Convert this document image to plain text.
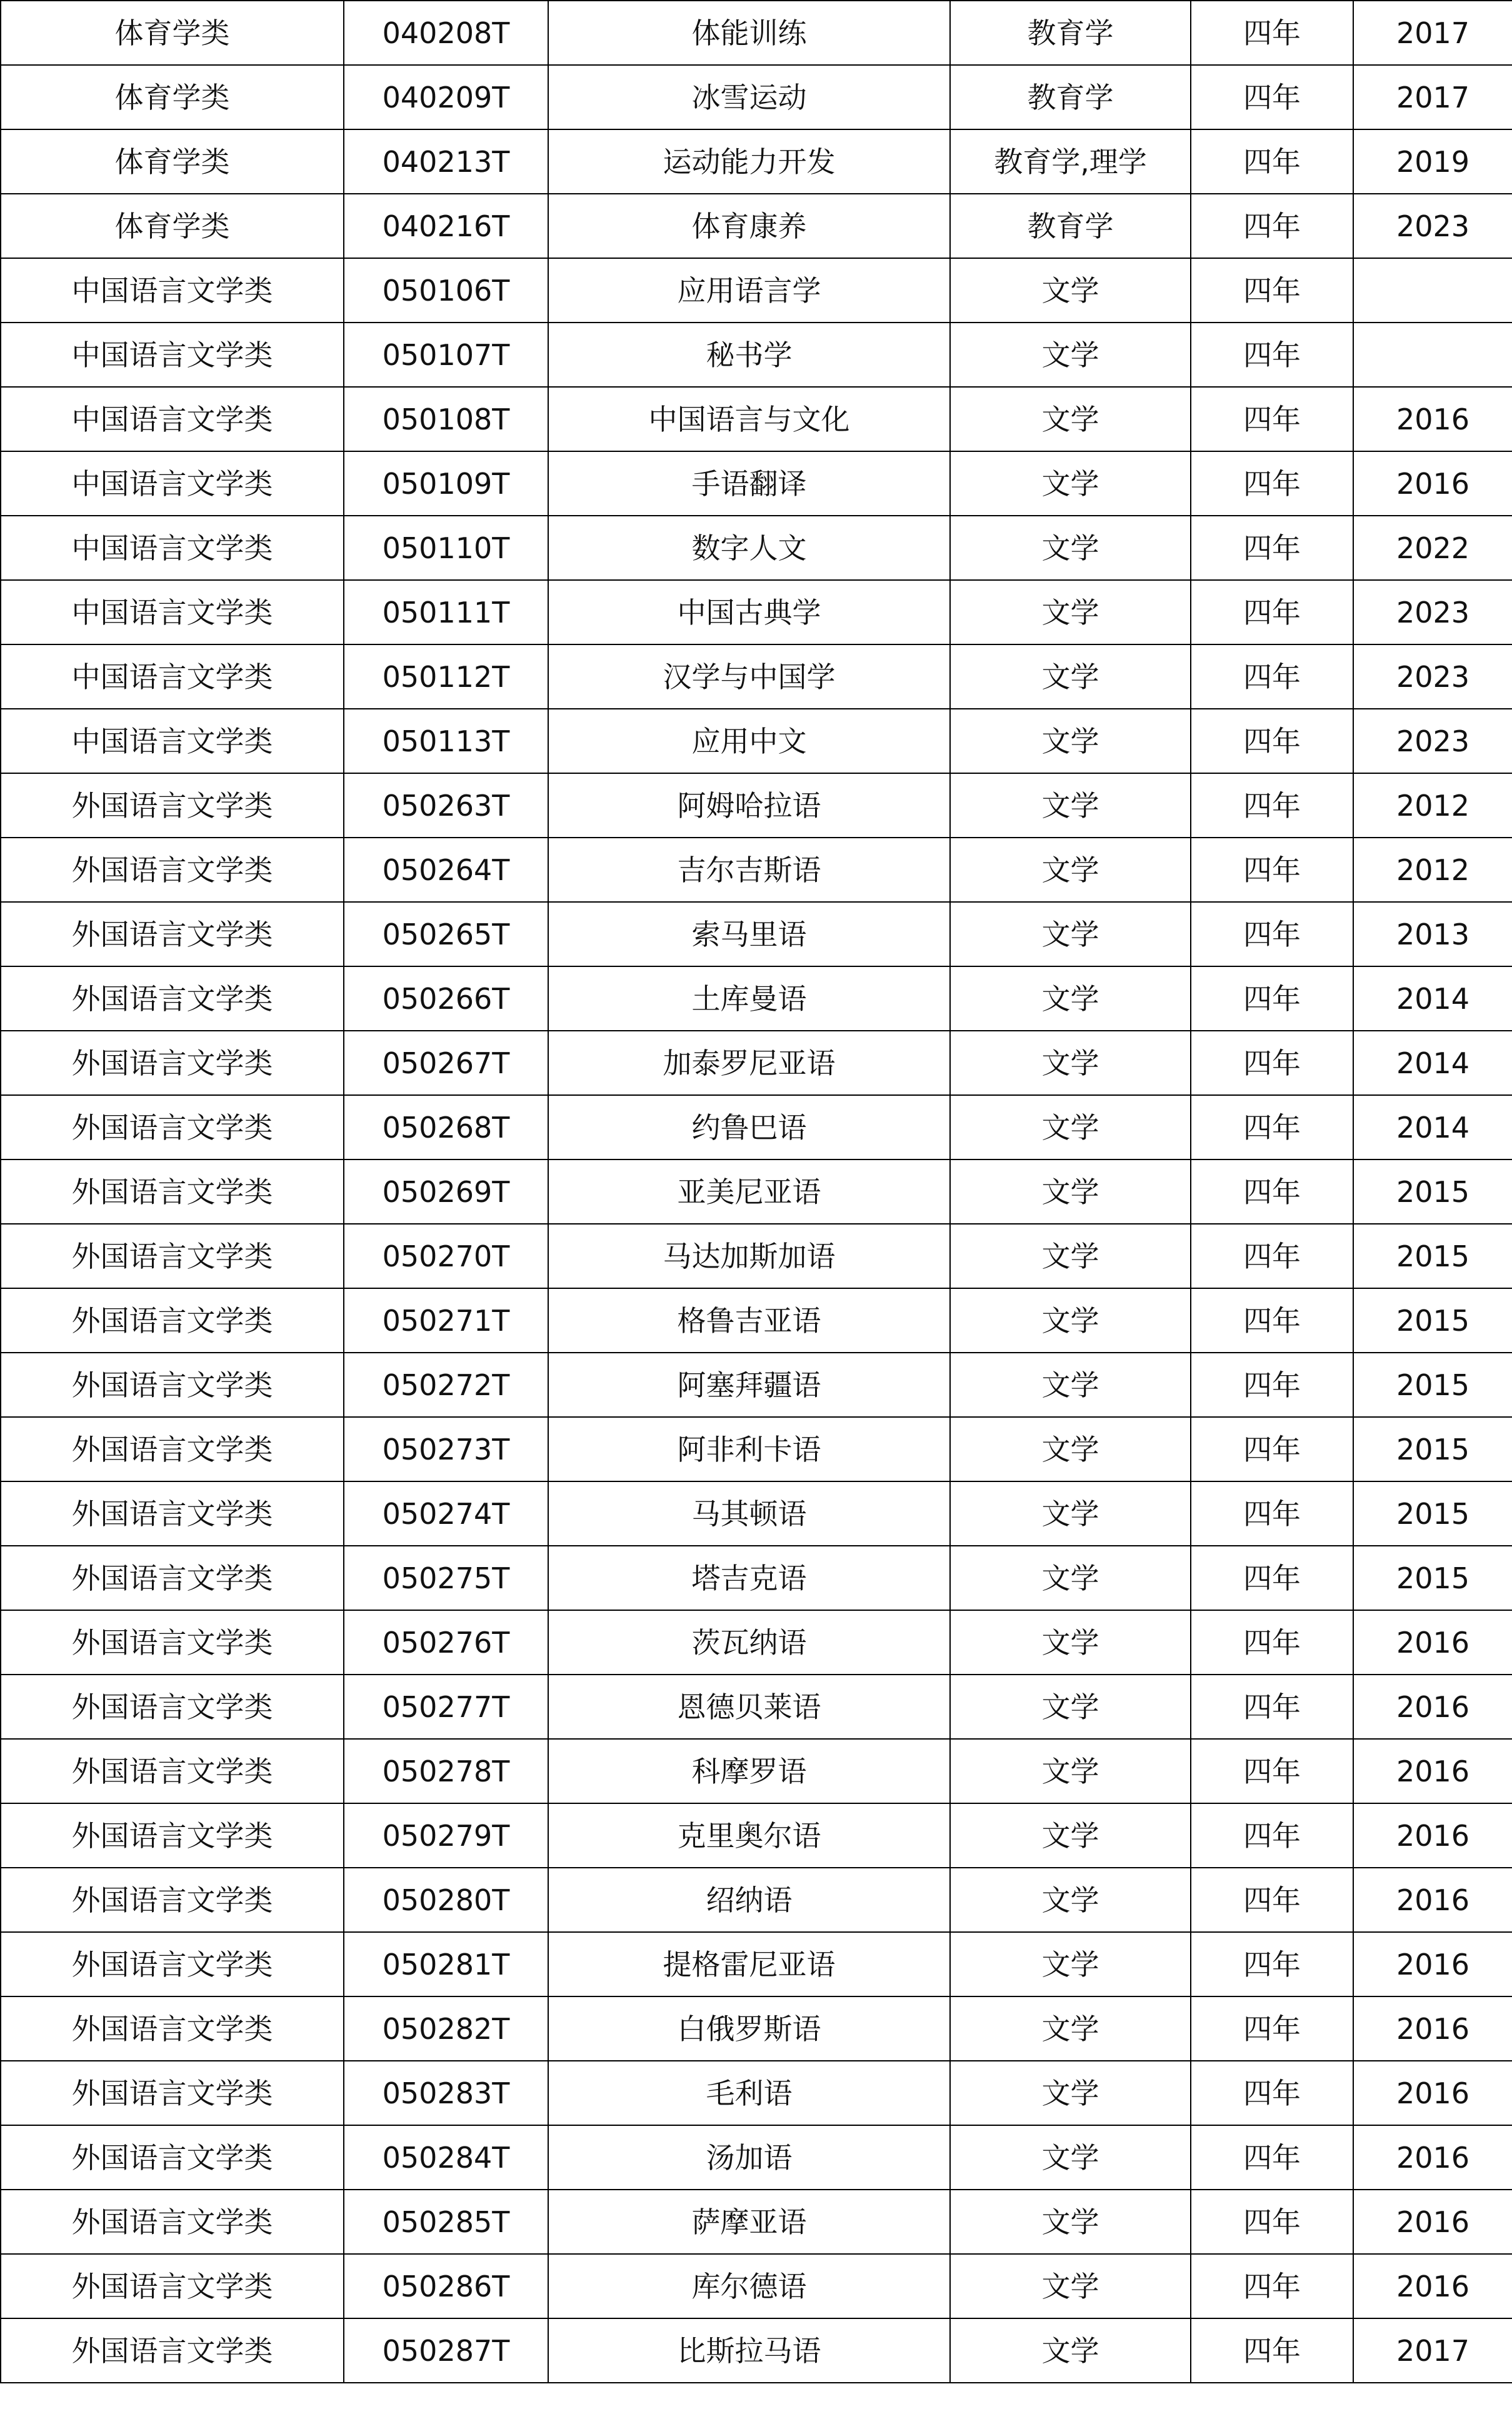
体育学类	040208T	体能训练	教育学	四年	2017
体育学类	040209T	冰雪运动	教育学	四年	2017
体育学类	040213T	运动能力开发	教育学,理学	四年	2019
体育学类	040216T	体育康养	教育学	四年	2023
中国语言文学类	050106T	应用语言学	文学	四年	
中国语言文学类	050107T	秘书学	文学	四年	
中国语言文学类	050108T	中国语言与文化	文学	四年	2016
中国语言文学类	050109T	手语翻译	文学	四年	2016
中国语言文学类	050110T	数字人文	文学	四年	2022
中国语言文学类	050111T	中国古典学	文学	四年	2023
中国语言文学类	050112T	汉学与中国学	文学	四年	2023
中国语言文学类	050113T	应用中文	文学	四年	2023
外国语言文学类	050263T	阿姆哈拉语	文学	四年	2012
外国语言文学类	050264T	吉尔吉斯语	文学	四年	2012
外国语言文学类	050265T	索马里语	文学	四年	2013
外国语言文学类	050266T	土库曼语	文学	四年	2014
外国语言文学类	050267T	加泰罗尼亚语	文学	四年	2014
外国语言文学类	050268T	约鲁巴语	文学	四年	2014
外国语言文学类	050269T	亚美尼亚语	文学	四年	2015
外国语言文学类	050270T	马达加斯加语	文学	四年	2015
外国语言文学类	050271T	格鲁吉亚语	文学	四年	2015
外国语言文学类	050272T	阿塞拜疆语	文学	四年	2015
外国语言文学类	050273T	阿非利卡语	文学	四年	2015
外国语言文学类	050274T	马其顿语	文学	四年	2015
外国语言文学类	050275T	塔吉克语	文学	四年	2015
外国语言文学类	050276T	茨瓦纳语	文学	四年	2016
外国语言文学类	050277T	恩德贝莱语	文学	四年	2016
外国语言文学类	050278T	科摩罗语	文学	四年	2016
外国语言文学类	050279T	克里奥尔语	文学	四年	2016
外国语言文学类	050280T	绍纳语	文学	四年	2016
外国语言文学类	050281T	提格雷尼亚语	文学	四年	2016
外国语言文学类	050282T	白俄罗斯语	文学	四年	2016
外国语言文学类	050283T	毛利语	文学	四年	2016
外国语言文学类	050284T	汤加语	文学	四年	2016
外国语言文学类	050285T	萨摩亚语	文学	四年	2016
外国语言文学类	050286T	库尔德语	文学	四年	2016
外国语言文学类	050287T	比斯拉马语	文学	四年	2017
